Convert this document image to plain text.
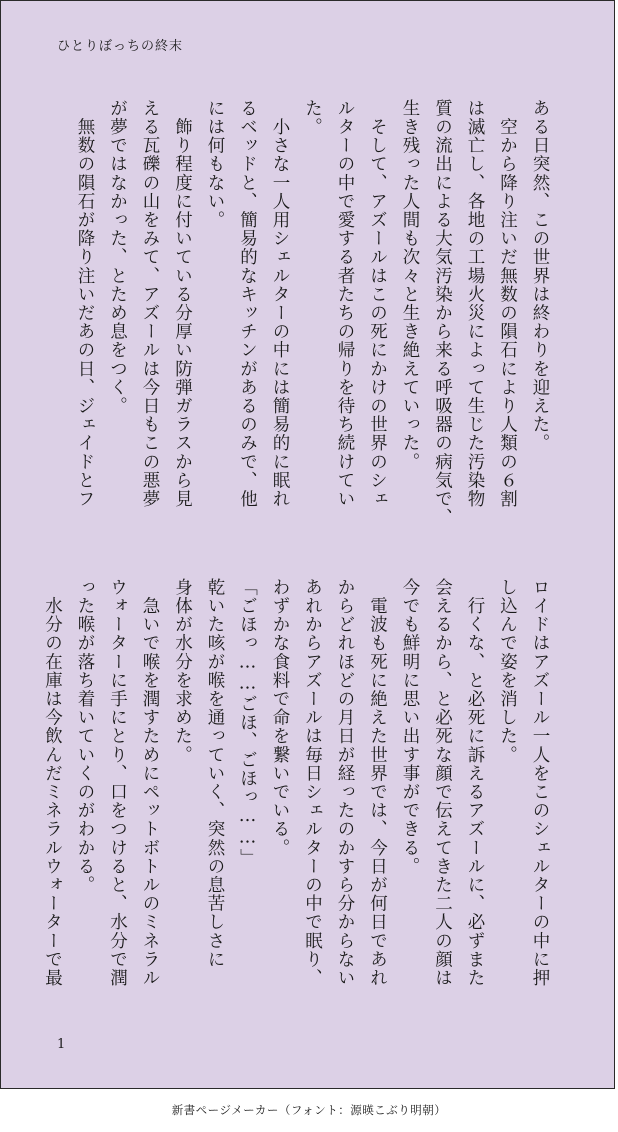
ひとりぼっちの終末
ある日突然、この世界は終わりを迎えた。
　空から降り注いだ無数の隕石により人類の６割
は滅亡し、各地の工場火災によって生じた汚染物
質の流出による大気汚染から来る呼吸器の病気で、
生き残った人間も次々と生き絶えていった。
　そして、アズールはこの死にかけの世界のシェ
ルターの中で愛する者たちの帰りを待ち続けてい
た。
　小さな一人用シェルターの中には簡易的に眠れ
るベッドと、簡易的なキッチンがあるのみで、他
には何もない。
　飾り程度に付いている分厚い防弾ガラスから見
える瓦礫の山をみて、アズールは今日もこの悪夢
が夢ではなかった、とため息をつく。
　無数の隕石が降り注いだあの日、ジェイドとフ
ロイドはアズール一人をこのシェルターの中に押
し込んで姿を消した。
　行くな、と必死に訴えるアズールに、必ずまた
会えるから、と必死な顔で伝えてきた二人の顔は
今でも鮮明に思い出す事ができる。
　電波も死に絶えた世界では、今日が何日であれ
からどれほどの月日が経ったのかすら分からない
あれからアズールは毎日シェルターの中で眠り、
わずかな食料で命を繋いでいる。
「ごほっ……ごほ、ごほっ……」
乾いた咳が喉を通っていく、突然の息苦しさに
身体が水分を求めた。
　急いで喉を潤すためにペットボトルのミネラル
ウォーターに手にとり、口をつけると、水分で潤
った喉が落ち着いていくのがわかる。
　水分の在庫は今飲んだミネラルウォーターで最
1
新書ページメーカー（フォント：源暎こぶり明朝）
